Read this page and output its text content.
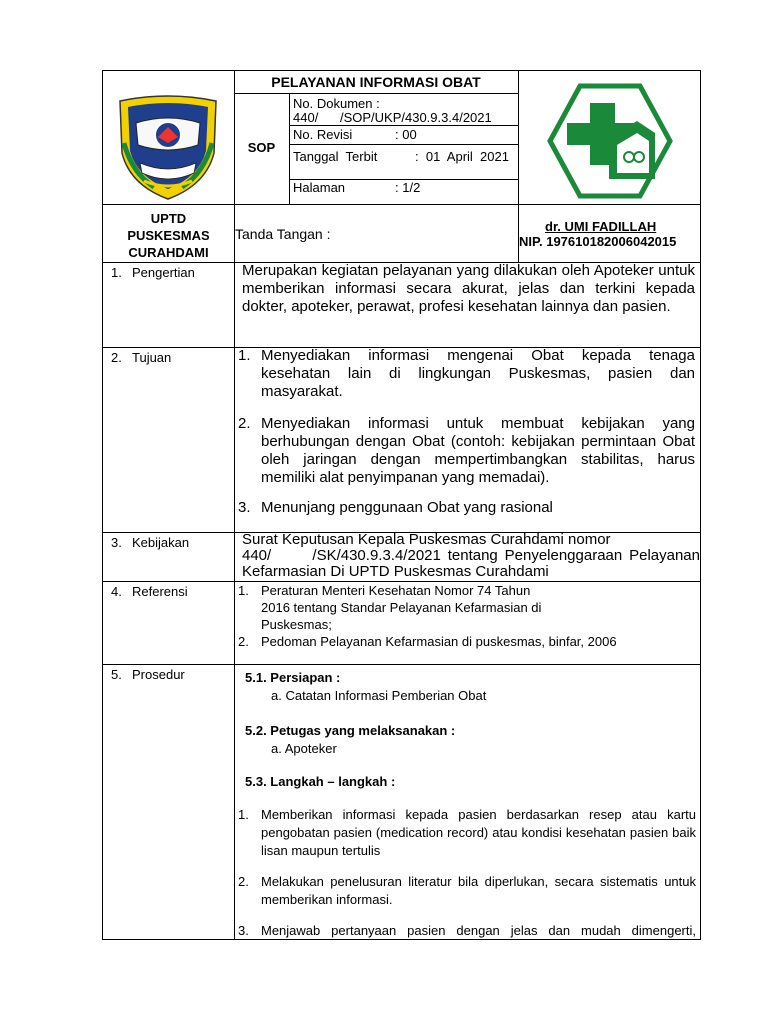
PELAYANAN INFORMASI OBAT
SOP
No. Dokumen :
440/      /SOP/UKP/430.9.3.4/2021
No. Revisi	: 00
Tanggal  Terbit	:  01  April  2021
Halaman	: 1/2
UPTD
PUSKESMAS
CURAHDAMI
Tanda Tangan :	dr. UMI FADILLAH
NIP. 197610182006042015
1. Pengertian	Merupakan kegiatan pelayanan yang dilakukan oleh Apoteker untuk memberikan informasi secara akurat, jelas dan terkini kepada dokter, apoteker, perawat, profesi kesehatan lainnya dan pasien.
2. Tujuan	1. Menyediakan informasi mengenai Obat kepada tenaga kesehatan lain di lingkungan Puskesmas, pasien dan masyarakat.
2. Menyediakan informasi untuk membuat kebijakan yang berhubungan dengan Obat (contoh: kebijakan permintaan Obat oleh jaringan dengan mempertimbangkan stabilitas, harus memiliki alat penyimpanan yang memadai).
3. Menunjang penggunaan Obat yang rasional
3. Kebijakan	Surat Keputusan Kepala Puskesmas Curahdami nomor
440/      /SK/430.9.3.4/2021 tentang Penyelenggaraan Pelayanan
Kefarmasian Di UPTD Puskesmas Curahdami
4. Referensi	1. Peraturan Menteri Kesehatan Nomor 74 Tahun 2016 tentang Standar Pelayanan Kefarmasian di Puskesmas;
2. Pedoman Pelayanan Kefarmasian di puskesmas, binfar, 2006
5. Prosedur	5.1. Persiapan :
a. Catatan Informasi Pemberian Obat
5.2. Petugas yang melaksanakan :
a. Apoteker
5.3. Langkah – langkah :
1. Memberikan informasi kepada pasien berdasarkan resep atau kartu pengobatan pasien (medication record) atau kondisi kesehatan pasien baik lisan maupun tertulis
2. Melakukan penelusuran literatur bila diperlukan, secara sistematis untuk memberikan informasi.
3. Menjawab pertanyaan pasien dengan jelas dan mudah dimengerti,
